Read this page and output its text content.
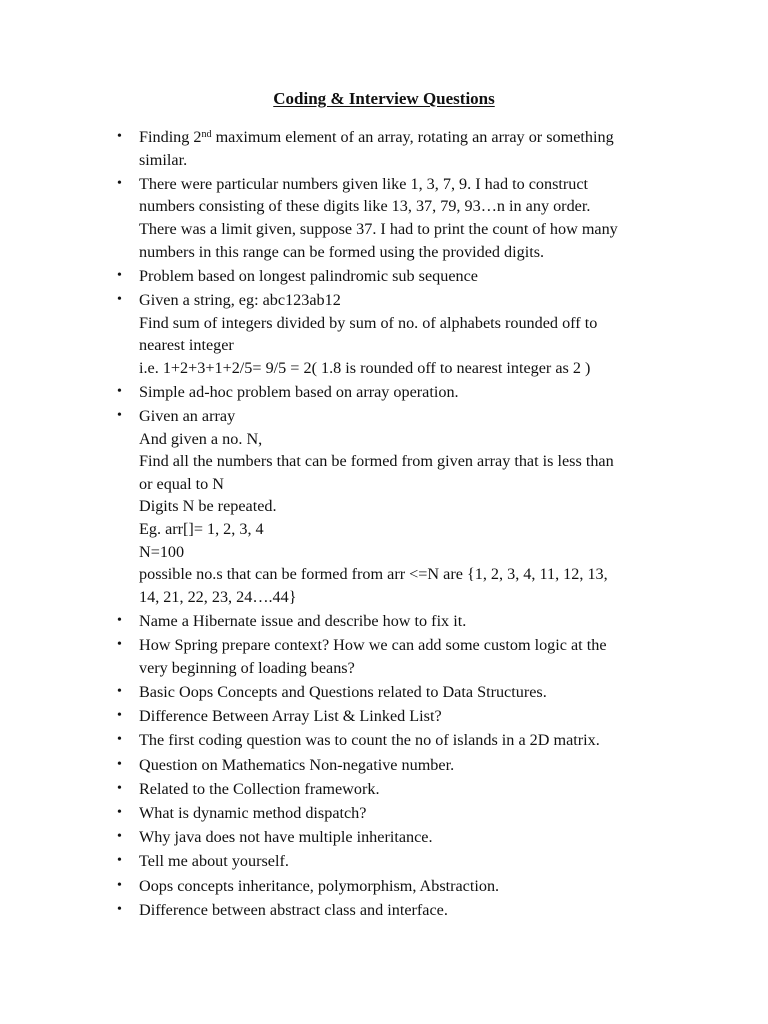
Coding & Interview Questions
• Finding 2nd maximum element of an array, rotating an array or something
similar.
• There were particular numbers given like 1, 3, 7, 9. I had to construct
numbers consisting of these digits like 13, 37, 79, 93…n in any order.
There was a limit given, suppose 37. I had to print the count of how many
numbers in this range can be formed using the provided digits.
• Problem based on longest palindromic sub sequence
• Given a string, eg: abc123ab12
Find sum of integers divided by sum of no. of alphabets rounded off to
nearest integer
i.e. 1+2+3+1+2/5= 9/5 = 2( 1.8 is rounded off to nearest integer as 2 )
• Simple ad-hoc problem based on array operation.
• Given an array
And given a no. N,
Find all the numbers that can be formed from given array that is less than
or equal to N
Digits N be repeated.
Eg. arr[]= 1, 2, 3, 4
N=100
possible no.s that can be formed from arr <=N are {1, 2, 3, 4, 11, 12, 13,
14, 21, 22, 23, 24….44}
• Name a Hibernate issue and describe how to fix it.
• How Spring prepare context? How we can add some custom logic at the
very beginning of loading beans?
• Basic Oops Concepts and Questions related to Data Structures.
• Difference Between Array List & Linked List?
• The first coding question was to count the no of islands in a 2D matrix.
• Question on Mathematics Non-negative number.
• Related to the Collection framework.
• What is dynamic method dispatch?
• Why java does not have multiple inheritance.
• Tell me about yourself.
• Oops concepts inheritance, polymorphism, Abstraction.
• Difference between abstract class and interface.
